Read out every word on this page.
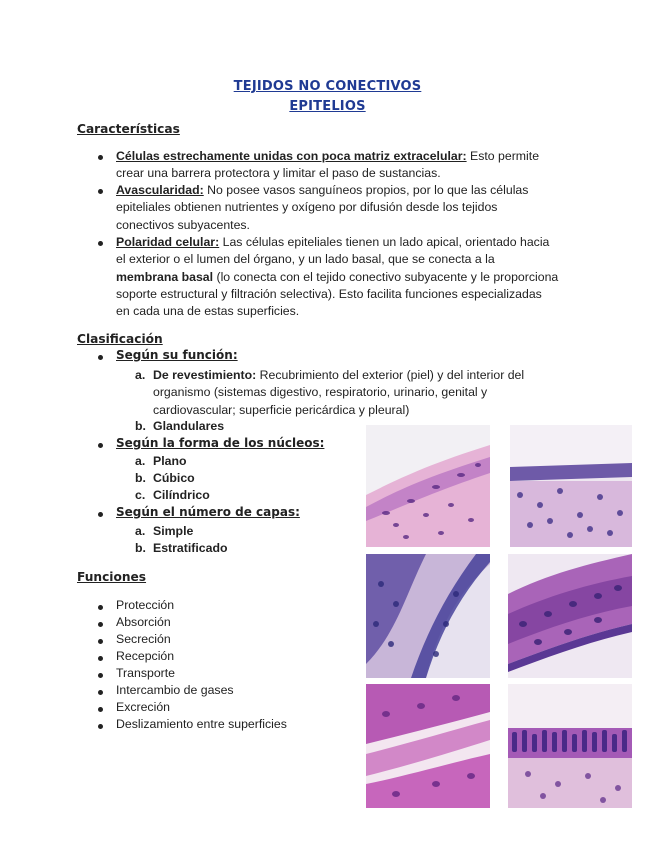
TEJIDOS NO CONECTIVOS
EPITELIOS
Características
Células estrechamente unidas con poca matriz extracelular: Esto permite
crear una barrera protectora y limitar el paso de sustancias.
Avascularidad: No posee vasos sanguíneos propios, por lo que las células
epiteliales obtienen nutrientes y oxígeno por difusión desde los tejidos
conectivos subyacentes.
Polaridad celular: Las células epiteliales tienen un lado apical, orientado hacia
el exterior o el lumen del órgano, y un lado basal, que se conecta a la
membrana basal (lo conecta con el tejido conectivo subyacente y le proporciona
soporte estructural y filtración selectiva). Esto facilita funciones especializadas
en cada una de estas superficies.
Clasificación
Según su función:
a. De revestimiento: Recubrimiento del exterior (piel) y del interior del
organismo (sistemas digestivo, respiratorio, urinario, genital y
cardiovascular; superficie pericárdica y pleural)
b. Glandulares
Según la forma de los núcleos:
a. Plano
b. Cúbico
c. Cilíndrico
Según el número de capas:
a. Simple
b. Estratificado
Funciones
Protección
Absorción
Secreción
Recepción
Transporte
Intercambio de gases
Excreción
Deslizamiento entre superficies
